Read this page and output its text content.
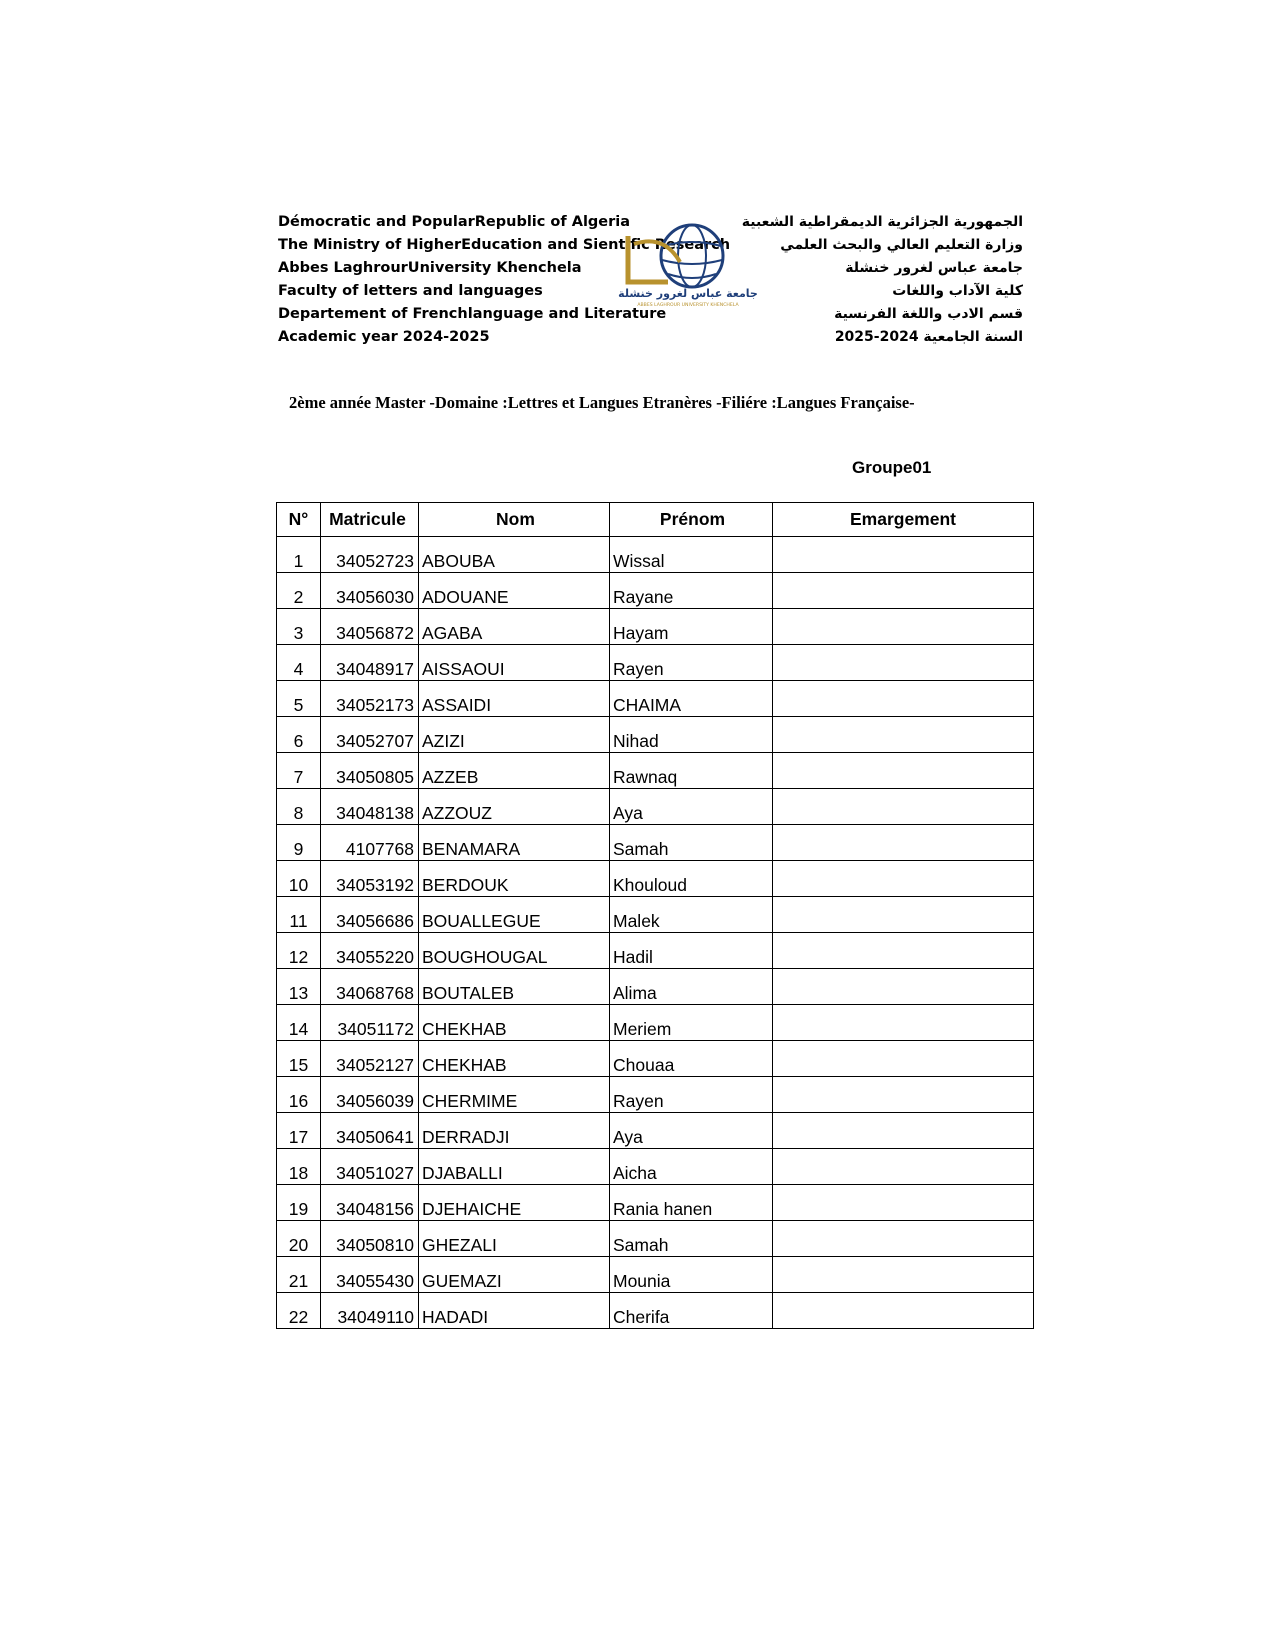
Démocratic and PopularRepublic of Algeria
The Ministry of HigherEducation and Sientific Research
Abbes LaghrourUniversity Khenchela
Faculty of letters and languages
Departement of Frenchlanguage and Literature
Academic year 2024-2025
جامعة عباس لغرور خنشلة
ABBES LAGHROUR UNIVERSITY KHENCHELA
الجمهورية الجزائرية الديمقراطية الشعبية
وزارة التعليم العالي والبحث العلمي
جامعة عباس لغرور خنشلة
كلية الآداب واللغات
قسم الادب واللغة الفرنسية
السنة الجامعية 2024-2025
2ème année Master -Domaine :Lettres et Langues Etranères -Filiére :Langues Française-
Groupe01
N°	Matricule	Nom	Prénom	Emargement
1	34052723	ABOUBA	Wissal	
2	34056030	ADOUANE	Rayane	
3	34056872	AGABA	Hayam	
4	34048917	AISSAOUI	Rayen	
5	34052173	ASSAIDI	CHAIMA	
6	34052707	AZIZI	Nihad	
7	34050805	AZZEB	Rawnaq	
8	34048138	AZZOUZ	Aya	
9	4107768	BENAMARA	Samah	
10	34053192	BERDOUK	Khouloud	
11	34056686	BOUALLEGUE	Malek	
12	34055220	BOUGHOUGAL	Hadil	
13	34068768	BOUTALEB	Alima	
14	34051172	CHEKHAB	Meriem	
15	34052127	CHEKHAB	Chouaa	
16	34056039	CHERMIME	Rayen	
17	34050641	DERRADJI	Aya	
18	34051027	DJABALLI	Aicha	
19	34048156	DJEHAICHE	Rania hanen	
20	34050810	GHEZALI	Samah	
21	34055430	GUEMAZI	Mounia	
22	34049110	HADADI	Cherifa	
